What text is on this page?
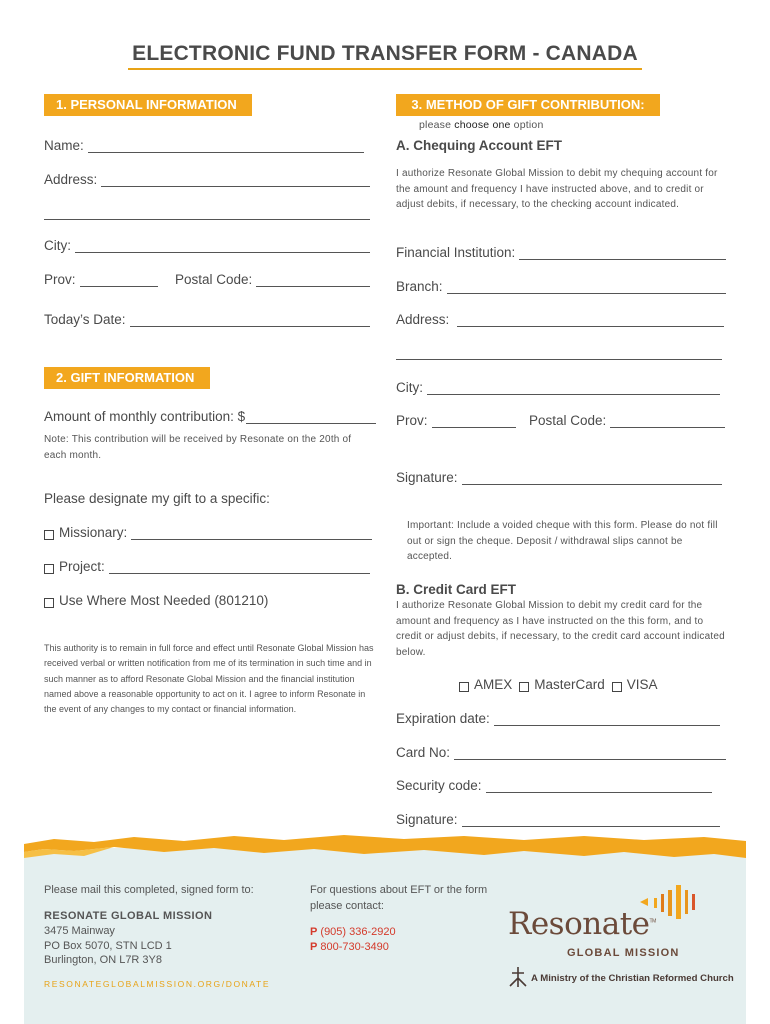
ELECTRONIC FUND TRANSFER FORM - CANADA
1. PERSONAL INFORMATION
Name:
Address:
City:
Prov:	Postal Code:
Today’s Date:
2. GIFT INFORMATION
Amount of monthly contribution: $
Note: This contribution will be received by Resonate on the 20th of each month.
Please designate my gift to a specific:
Missionary:
Project:
Use Where Most Needed (801210)
This authority is to remain in full force and effect until Resonate Global Mission has received verbal or written notification from me of its termination in such time and in such manner as to afford Resonate Global Mission and the financial institution named above a reasonable opportunity to act on it. I agree to inform Resonate in the event of any changes to my contact or financial information.
3. METHOD OF GIFT CONTRIBUTION:
please choose one option
A. Chequing Account EFT
I authorize Resonate Global Mission to debit my chequing account for the amount and frequency I have instructed above, and to credit or adjust debits, if necessary, to the checking account indicated.
Financial Institution:
Branch:
Address:
City:
Prov:	Postal Code:
Signature:
Important: Include a voided cheque with this form. Please do not fill out or sign the cheque. Deposit / withdrawal slips cannot be accepted.
B. Credit Card EFT
I authorize Resonate Global Mission to debit my credit card for the amount and frequency as I have instructed on the this form, and to credit or adjust debits, if necessary, to the credit card account indicated below.
AMEX MasterCard VISA
Expiration date:
Card No:
Security code:
Signature:
Please mail this completed, signed form to:
RESONATE GLOBAL MISSION
3475 Mainway
PO Box 5070, STN LCD 1
Burlington, ON L7R 3Y8
RESONATEGLOBALMISSION.ORG/DONATE
For questions about EFT or the form please contact:
P (905) 336-2920
P 800-730-3490
Resonate™
GLOBAL MISSION
A Ministry of the Christian Reformed Church
